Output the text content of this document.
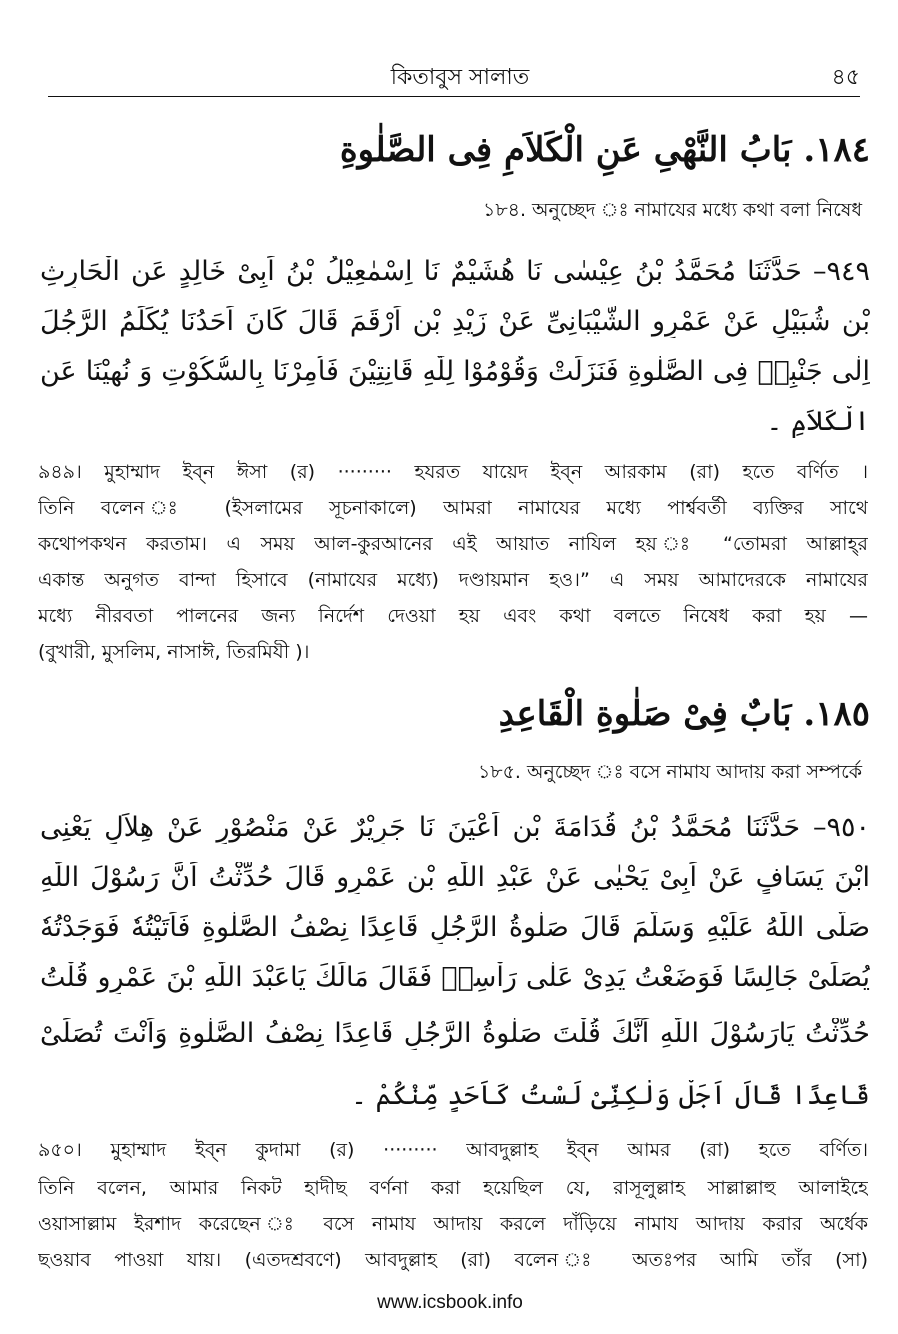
কিতাবুস সালাত	৪৫
١٨٤. بَابُ النَّهْىِ عَنِ الْكَلاَمِ فِى الصَّلٰوةِ
১৮৪. অনুচ্ছেদ ঃ নামাযের মধ্যে কথা বলা নিষেধ
٩٤٩– حَدَّثَنَا مُحَمَّدُ بْنُ عِيْسٰى نَا هُشَيْمٌ نَا اِسْمٰعِيْلُ بْنُ اَبِىْ خَالِدٍ عَنِ الْحَارِثِ
بْنِ شُبَيْلٍ عَنْ عَمْرٍو الشَّيْبَانِىِّ عَنْ زَيْدِ بْنِ اَرْقَمَ قَالَ كَانَ اَحَدُنَا يُكَلِّمُ الرَّجُلَ
اِلٰى جَنْبِهٖ فِى الصَّلٰوةِ فَنَزَلَتْ وَقُوْمُوْا لِلّٰهِ قَانِتِيْنَ فَاُمِرْنَا بِالسُّكُوْتِ وَ نُهِيْنَا عَنِ
الْكَلاَمِ ۔
৯৪৯। মুহাম্মাদ ইব্‌ন ঈসা (র) ········· হযরত যায়েদ ইব্‌ন আরকাম (রা) হতে বর্ণিত ।
তিনি বলেন ঃ (ইসলামের সূচনাকালে) আমরা নামাযের মধ্যে পার্শ্ববর্তী ব্যক্তির সাথে
কথোপকথন করতাম। এ সময় আল-কুরআনের এই আয়াত নাযিল হয় ঃ “তোমরা আল্লাহ্‌র
একান্ত অনুগত বান্দা হিসাবে (নামাযের মধ্যে) দণ্ডায়মান হও।” এ সময় আমাদেরকে নামাযের
মধ্যে নীরবতা পালনের জন্য নির্দেশ দেওয়া হয় এবং কথা বলতে নিষেধ করা হয় —
(বুখারী, মুসলিম, নাসাঈ, তিরমিযী )।
١٨٥. بَابٌ فِىْ صَلٰوةِ الْقَاعِدِ
১৮৫. অনুচ্ছেদ ঃ বসে নামায আদায় করা সম্পর্কে
٩٥٠– حَدَّثَنَا مُحَمَّدُ بْنُ قُدَامَةَ بْنِ اَعْيَنَ نَا جَرِيْرٌ عَنْ مَنْصُوْرٍ عَنْ هِلاَلٍ يَعْنِى
ابْنَ يَسَافٍ عَنْ اَبِىْ يَحْيٰى عَنْ عَبْدِ اللّٰهِ بْنِ عَمْرٍو قَالَ حُدِّثْتُ اَنَّ رَسُوْلَ اللّٰهِ
صَلَّى اللّٰهُ عَلَيْهِ وَسَلَّمَ قَالَ صَلٰوةُ الرَّجُلِ قَاعِدًا نِصْفُ الصَّلٰوةِ فَاَتَيْتُهٗ فَوَجَدْتُهٗ
يُصَلِّىْ جَالِسًا فَوَضَعْتُ يَدِىْ عَلٰى رَاْسِهٖ فَقَالَ مَالَكَ يَاعَبْدَ اللّٰهِ بْنَ عَمْرٍو قُلْتُ
حُدِّثْتُ يَارَسُوْلَ اللّٰهِ اَنَّكَ قُلْتَ صَلٰوةُ الرَّجُلِ قَاعِدًا نِصْفُ الصَّلٰوةِ وَاَنْتَ تُصَلِّىْ
قَاعِدًا قَالَ اَجَلْ وَلٰكِنِّىْ لَسْتُ كَاَحَدٍ مِّنْكُمْ ۔
৯৫০। মুহাম্মাদ ইব্‌ন কুদামা (র) ········· আবদুল্লাহ ইব্‌ন আমর (রা) হতে বর্ণিত।
তিনি বলেন, আমার নিকট হাদীছ বর্ণনা করা হয়েছিল যে, রাসূলুল্লাহ সাল্লাল্লাহু আলাইহে
ওয়াসাল্লাম ইরশাদ করেছেন ঃ বসে নামায আদায় করলে দাঁড়িয়ে নামায আদায় করার অর্ধেক
ছওয়াব পাওয়া যায়। (এতদশ্রবণে) আবদুল্লাহ (রা) বলেন ঃ অতঃপর আমি তাঁর (সা)
www.icsbook.info
